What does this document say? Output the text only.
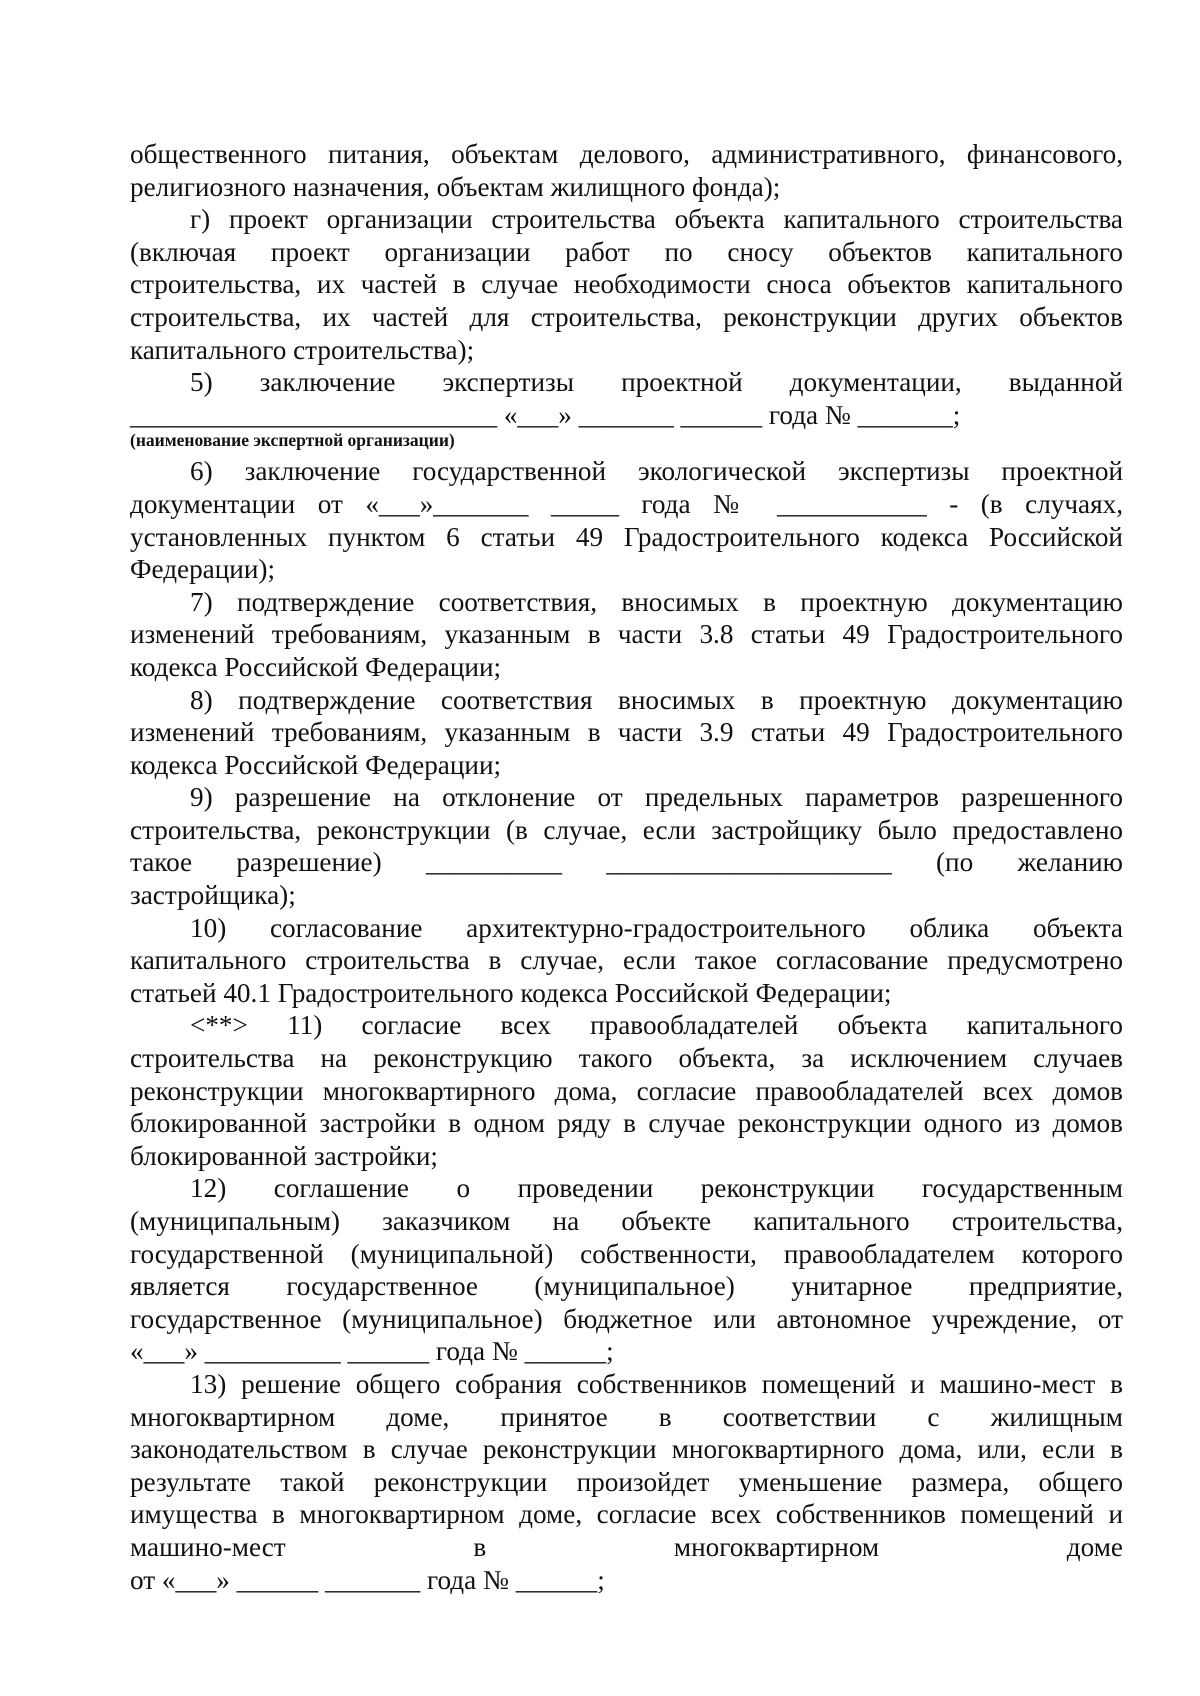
общественного питания, объектам делового, административного, финансового,
религиозного назначения, объектам жилищного фонда);
г) проект организации строительства объекта капитального строительства
(включая проект организации работ по сносу объектов капитального
строительства, их частей в случае необходимости сноса объектов капитального
строительства, их частей для строительства, реконструкции других объектов
капитального строительства);
5) заключение экспертизы проектной документации, выданной
___________________________ «___» _______ ______ года № _______;
(наименование экспертной организации)
6) заключение государственной экологической экспертизы проектной
документации от «___»_______ _____ года № ___________ - (в случаях,
установленных пунктом 6 статьи 49 Градостроительного кодекса Российской
Федерации);
7) подтверждение соответствия, вносимых в проектную документацию
изменений требованиям, указанным в части 3.8 статьи 49 Градостроительного
кодекса Российской Федерации;
8) подтверждение соответствия вносимых в проектную документацию
изменений требованиям, указанным в части 3.9 статьи 49 Градостроительного
кодекса Российской Федерации;
9) разрешение на отклонение от предельных параметров разрешенного
строительства, реконструкции (в случае, если застройщику было предоставлено
такое разрешение) __________ _____________________ (по желанию
застройщика);
10) согласование архитектурно-градостроительного облика объекта
капитального строительства в случае, если такое согласование предусмотрено
статьей 40.1 Градостроительного кодекса Российской Федерации;
<**> 11) согласие всех правообладателей объекта капитального
строительства на реконструкцию такого объекта, за исключением случаев
реконструкции многоквартирного дома, согласие правообладателей всех домов
блокированной застройки в одном ряду в случае реконструкции одного из домов
блокированной застройки;
12) соглашение о проведении реконструкции государственным
(муниципальным) заказчиком на объекте капитального строительства,
государственной (муниципальной) собственности, правообладателем которого
является государственное (муниципальное) унитарное предприятие,
государственное (муниципальное) бюджетное или автономное учреждение, от
«___» __________ ______ года № ______;
13) решение общего собрания собственников помещений и машино-мест в
многоквартирном доме, принятое в соответствии с жилищным
законодательством в случае реконструкции многоквартирного дома, или, если в
результате такой реконструкции произойдет уменьшение размера, общего
имущества в многоквартирном доме, согласие всех собственников помещений и
машино-мест в многоквартирном доме
от «___» ______ _______ года № ______;
